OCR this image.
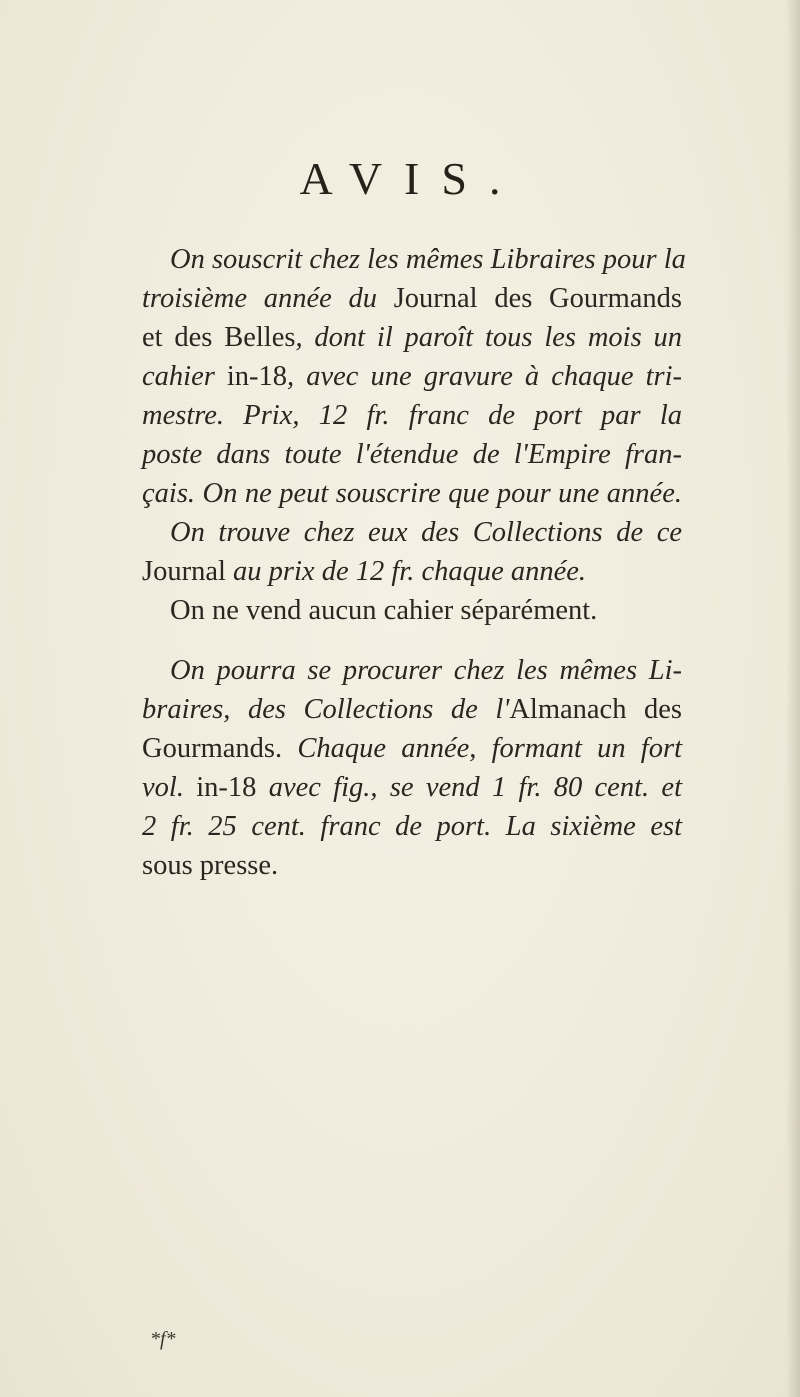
AVIS.
On souscrit chez les mêmes Libraires pour la
troisième année du Journal des Gourmands
et des Belles, dont il paroît tous les mois un
cahier in-18, avec une gravure à chaque tri-
mestre. Prix, 12 fr. franc de port par la
poste dans toute l'étendue de l'Empire fran-
çais. On ne peut souscrire que pour une année.
On trouve chez eux des Collections de ce
Journal au prix de 12 fr. chaque année.
On ne vend aucun cahier séparément.
On pourra se procurer chez les mêmes Li-
braires, des Collections de l'Almanach des
Gourmands. Chaque année, formant un fort
vol. in-18 avec fig., se vend 1 fr. 80 cent. et
2 fr. 25 cent. franc de port. La sixième est
sous presse.
*f*
